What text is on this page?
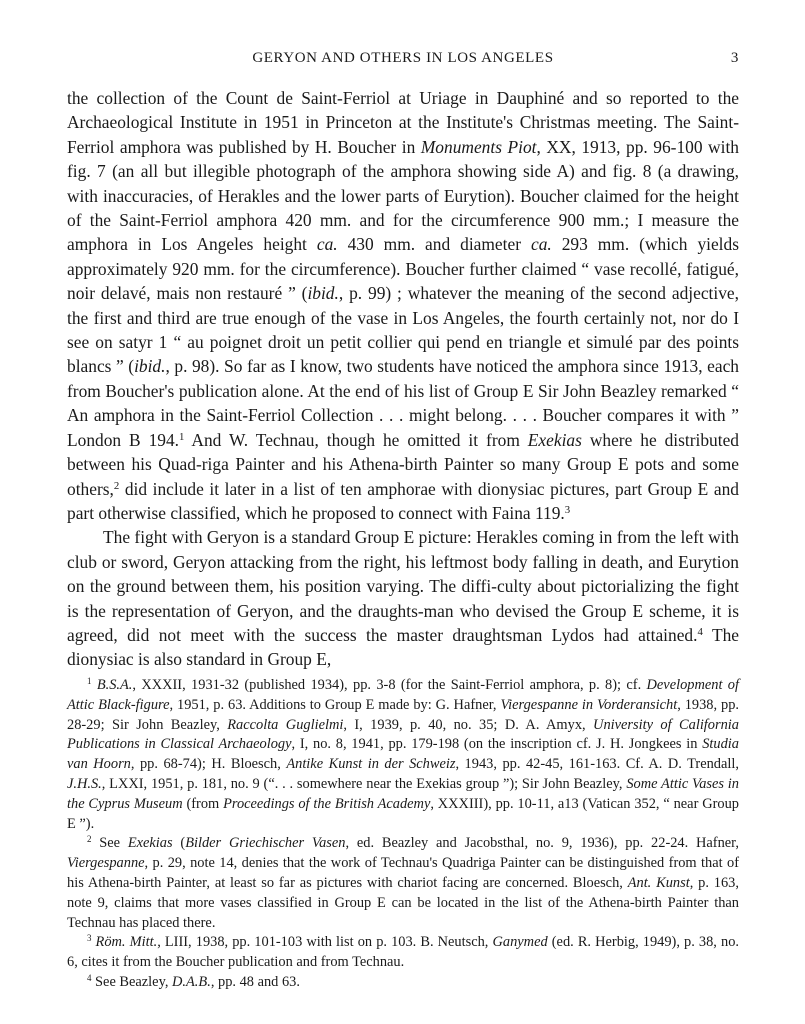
GERYON AND OTHERS IN LOS ANGELES	3

the collection of the Count de Saint-Ferriol at Uriage in Dauphiné and so reported to the Archaeological Institute in 1951 in Princeton at the Institute's Christmas meeting. The Saint-Ferriol amphora was published by H. Boucher in Monuments Piot, XX, 1913, pp. 96-100 with fig. 7 (an all but illegible photograph of the amphora showing side A) and fig. 8 (a drawing, with inaccuracies, of Herakles and the lower parts of Eurytion). Boucher claimed for the height of the Saint-Ferriol amphora 420 mm. and for the circumference 900 mm.; I measure the amphora in Los Angeles height ca. 430 mm. and diameter ca. 293 mm. (which yields approximately 920 mm. for the circumference). Boucher further claimed “ vase recollé, fatigué, noir delavé, mais non restauré ” (ibid., p. 99) ; whatever the meaning of the second adjective, the first and third are true enough of the vase in Los Angeles, the fourth certainly not, nor do I see on satyr 1 “ au poignet droit un petit collier qui pend en triangle et simulé par des points blancs ” (ibid., p. 98). So far as I know, two students have noticed the amphora since 1913, each from Boucher's publication alone. At the end of his list of Group E Sir John Beazley remarked “ An amphora in the Saint-Ferriol Collection . . . might belong. . . . Boucher compares it with ” London B 194.$^1$ And W. Technau, though he omitted it from Exekias where he distributed between his Quad-riga Painter and his Athena-birth Painter so many Group E pots and some others,$^2$ did include it later in a list of ten amphorae with dionysiac pictures, part Group E and part otherwise classified, which he proposed to connect with Faina 119.$^3$

The fight with Geryon is a standard Group E picture: Herakles coming in from the left with club or sword, Geryon attacking from the right, his leftmost body falling in death, and Eurytion on the ground between them, his position varying. The diffi-culty about pictorializing the fight is the representation of Geryon, and the draughts-man who devised the Group E scheme, it is agreed, did not meet with the success the master draughtsman Lydos had attained.$^4$ The dionysiac is also standard in Group E,

$^1$ B.S.A., XXXII, 1931-32 (published 1934), pp. 3-8 (for the Saint-Ferriol amphora, p. 8); cf. Development of Attic Black-figure, 1951, p. 63. Additions to Group E made by: G. Hafner, Viergespanne in Vorderansicht, 1938, pp. 28-29; Sir John Beazley, Raccolta Guglielmi, I, 1939, p. 40, no. 35; D. A. Amyx, University of California Publications in Classical Archaeology, I, no. 8, 1941, pp. 179-198 (on the inscription cf. J. H. Jongkees in Studia van Hoorn, pp. 68-74); H. Bloesch, Antike Kunst in der Schweiz, 1943, pp. 42-45, 161-163. Cf. A. D. Trendall, J.H.S., LXXI, 1951, p. 181, no. 9 (“. . . somewhere near the Exekias group ”); Sir John Beazley, Some Attic Vases in the Cyprus Museum (from Proceedings of the British Academy, XXXIII), pp. 10-11, a13 (Vatican 352, “ near Group E ”).

$^2$ See Exekias (Bilder Griechischer Vasen, ed. Beazley and Jacobsthal, no. 9, 1936), pp. 22-24. Hafner, Viergespanne, p. 29, note 14, denies that the work of Technau's Quadriga Painter can be distinguished from that of his Athena-birth Painter, at least so far as pictures with chariot facing are concerned. Bloesch, Ant. Kunst, p. 163, note 9, claims that more vases classified in Group E can be located in the list of the Athena-birth Painter than Technau has placed there.

$^3$ Röm. Mitt., LIII, 1938, pp. 101-103 with list on p. 103. B. Neutsch, Ganymed (ed. R. Herbig, 1949), p. 38, no. 6, cites it from the Boucher publication and from Technau.

$^4$ See Beazley, D.A.B., pp. 48 and 63.
